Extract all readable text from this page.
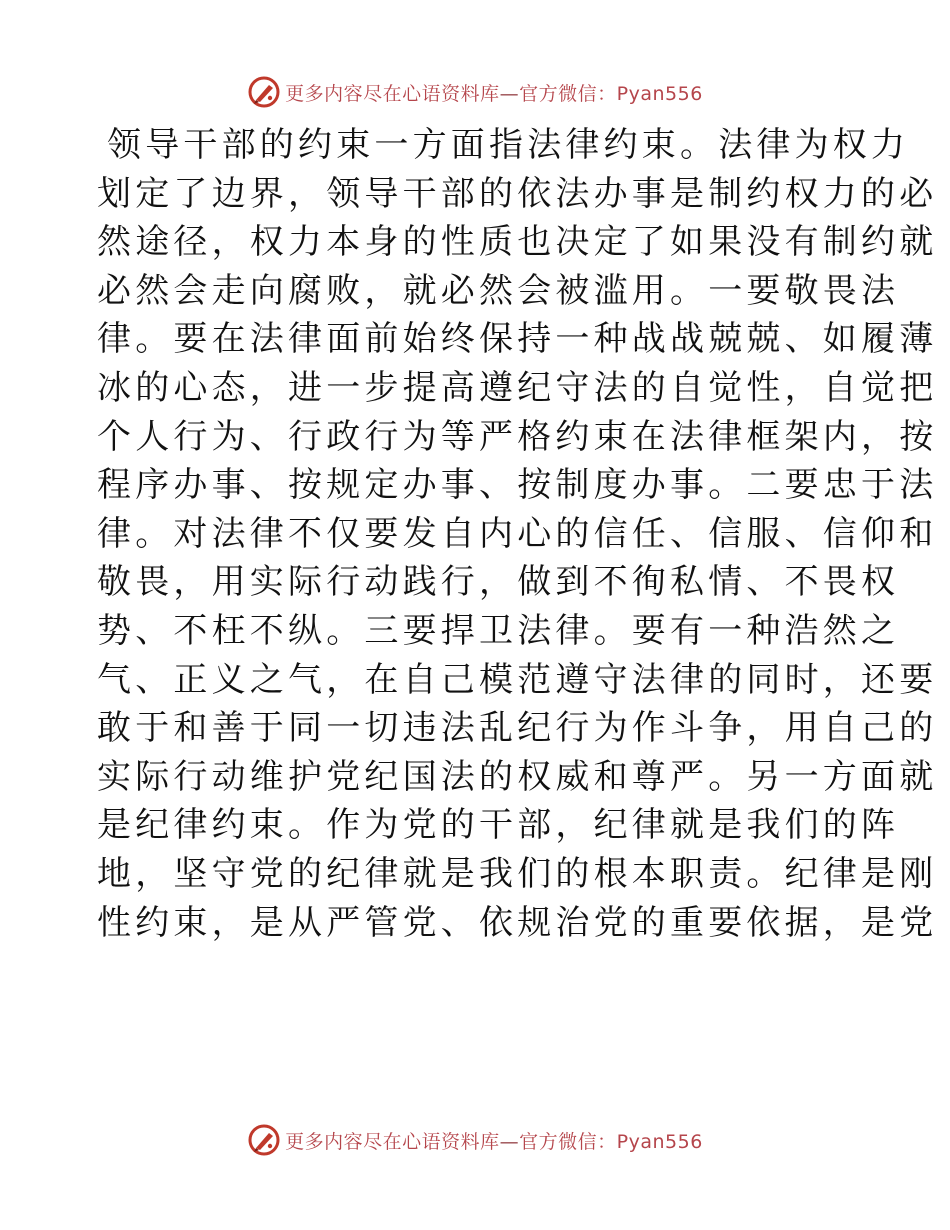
更多内容尽在心语资料库—官方微信：Pyan556
领导干部的约束一方面指法律约束。法律为权力
划定了边界，领导干部的依法办事是制约权力的必
然途径，权力本身的性质也决定了如果没有制约就
必然会走向腐败，就必然会被滥用。一要敬畏法
律。要在法律面前始终保持一种战战兢兢、如履薄
冰的心态，进一步提高遵纪守法的自觉性，自觉把
个人行为、行政行为等严格约束在法律框架内，按
程序办事、按规定办事、按制度办事。二要忠于法
律。对法律不仅要发自内心的信任、信服、信仰和
敬畏，用实际行动践行，做到不徇私情、不畏权
势、不枉不纵。三要捍卫法律。要有一种浩然之
气、正义之气，在自己模范遵守法律的同时，还要
敢于和善于同一切违法乱纪行为作斗争，用自己的
实际行动维护党纪国法的权威和尊严。另一方面就
是纪律约束。作为党的干部，纪律就是我们的阵
地，坚守党的纪律就是我们的根本职责。纪律是刚
性约束，是从严管党、依规治党的重要依据，是党
更多内容尽在心语资料库—官方微信：Pyan556
